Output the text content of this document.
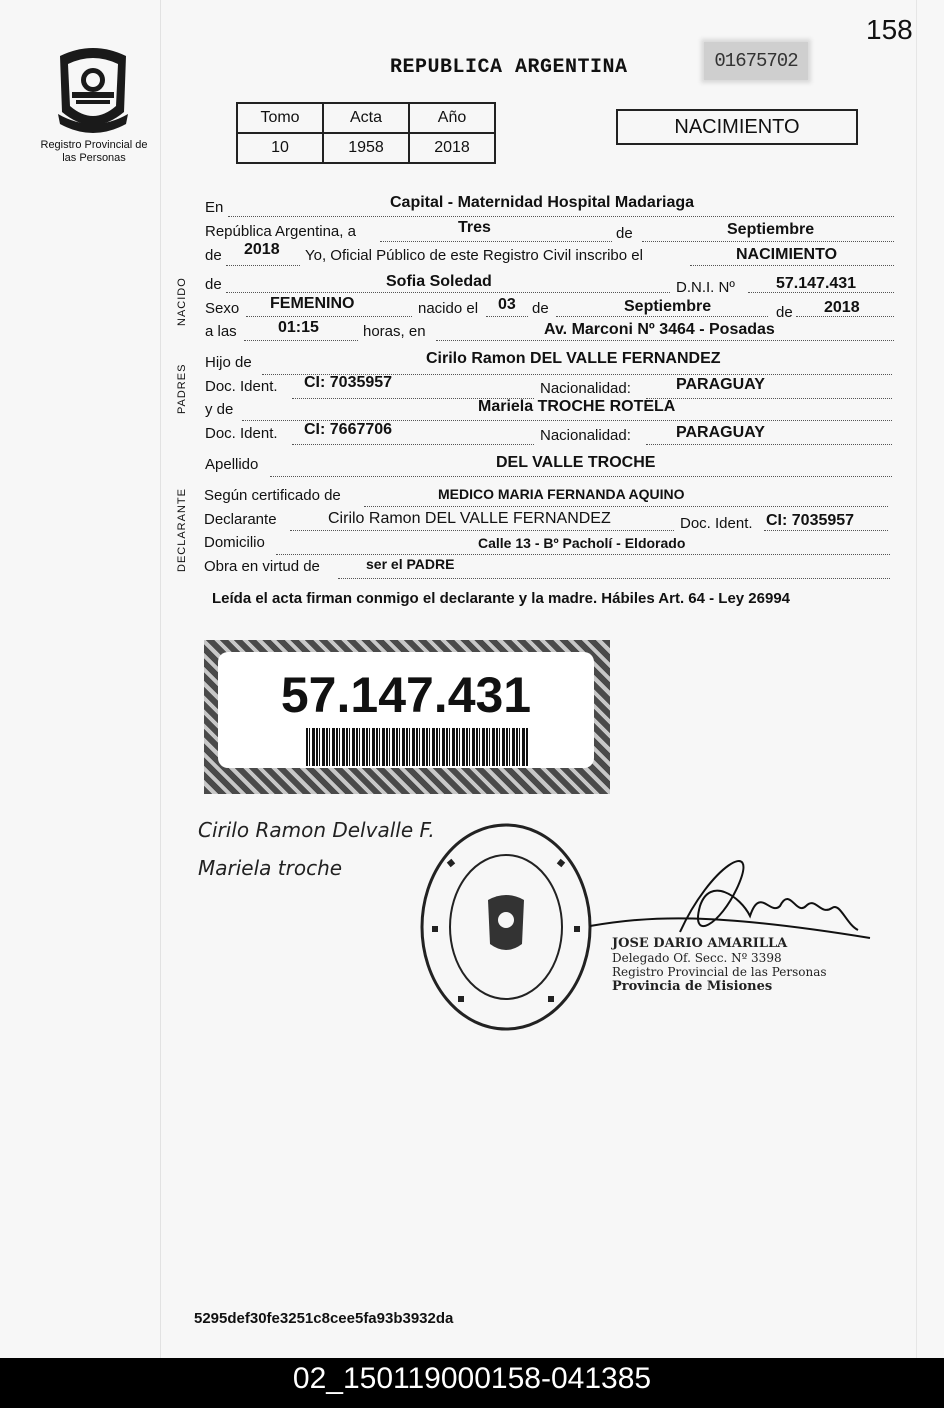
158
Registro Provincial de las Personas
REPUBLICA ARGENTINA	01675702
Tomo	Acta	Año
10	1958	2018
NACIMIENTO
En	Capital - Maternidad Hospital Madariaga
República Argentina, a	Tres	de	Septiembre
de 2018 Yo, Oficial Público de este Registro Civil inscribo el	NACIMIENTO
NACIDO de	Sofia Soledad	D.N.I. Nº	57.147.431
Sexo FEMENINO	nacido el 03 de	Septiembre	de 2018
a las	01:15	horas, en	Av. Marconi Nº 3464 - Posadas
PADRES
Hijo de	Cirilo Ramon DEL VALLE FERNANDEZ
Doc. Ident. CI: 7035957	Nacionalidad:	PARAGUAY
y de	Mariela TROCHE ROTELA
Doc. Ident. CI: 7667706	Nacionalidad:	PARAGUAY
Apellido	DEL VALLE TROCHE
DECLARANTE Según certificado de	MEDICO MARIA FERNANDA AQUINO
Declarante	Cirilo Ramon DEL VALLE FERNANDEZ	Doc. Ident. CI: 7035957
Domicilio	Calle 13 - Bº Pacholí - Eldorado
Obra en virtud de	ser el PADRE
Leída el acta firman conmigo el declarante y la madre. Hábiles Art. 64 - Ley 26994
57.147.431
Cirilo Ramon Delvalle F.
Mariela troche
JOSE DARIO AMARILLA
Delegado Of. Secc. Nº 3398
Registro Provincial de las Personas
Provincia de Misiones
5295def30fe3251c8cee5fa93b3932da
02_150119000158-041385
